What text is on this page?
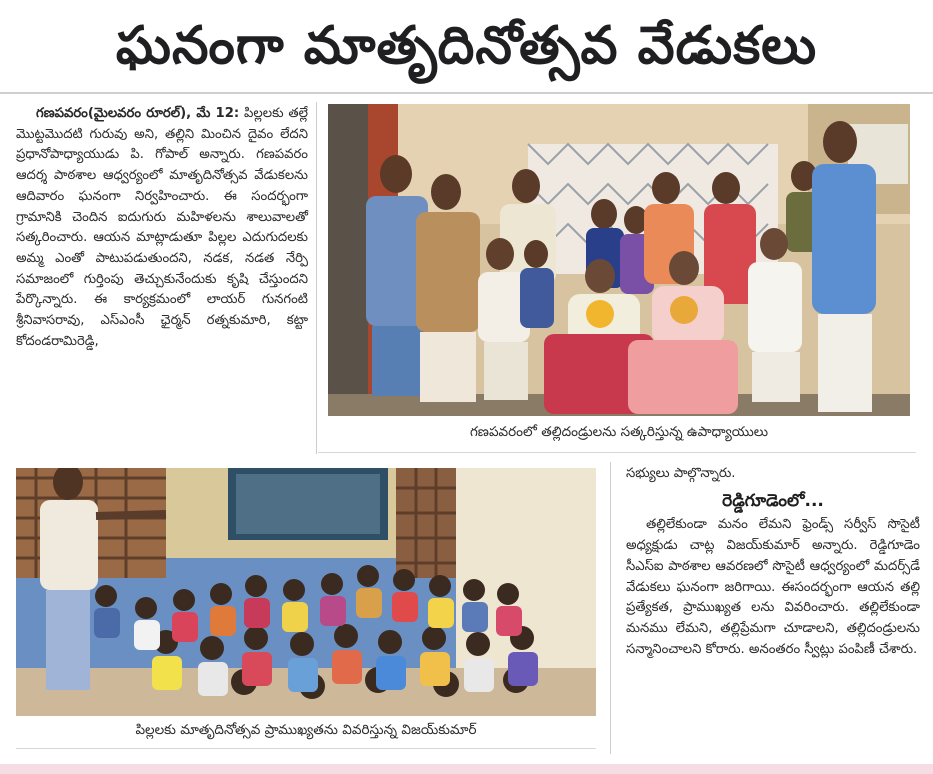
ఘనంగా మాతృదినోత్సవ వేడుకలు
గణపవరం(మైలవరం రూరల్), మే 12: పిల్లలకు తల్లే మొట్టమొదటి గురువు అని, తల్లిని మించిన దైవం లేదని ప్రధానోపాధ్యాయుడు పి. గోపాల్ అన్నారు. గణపవరం ఆదర్శ పాఠశాల ఆధ్వర్యంలో మాతృదినోత్సవ వేడుకలను ఆదివారం ఘనంగా నిర్వహించారు. ఈ సందర్భంగా గ్రామానికి చెందిన ఐదుగురు మహిళలను శాలువాలతో సత్కరించారు. ఆయన మాట్లాడుతూ పిల్లల ఎదుగుదలకు అమ్మ ఎంతో పాటుపడుతుందని, నడక, నడత నేర్పి సమాజంలో గుర్తింపు తెచ్చుకునేందుకు కృషి చేస్తుందని పేర్కొన్నారు. ఈ కార్యక్రమంలో లాయర్ గునగంటి శ్రీనివాసరావు, ఎస్ఎంసీ ఛైర్మన్ రత్నకుమారి, కట్టా కోదండరామిరెడ్డి,
గణపవరంలో తల్లిదండ్రులను సత్కరిస్తున్న ఉపాధ్యాయులు
పిల్లలకు మాతృదినోత్సవ ప్రాముఖ్యతను వివరిస్తున్న విజయ్‌కుమార్
సభ్యులు పాల్గొన్నారు.
రెడ్డిగూడెంలో...
తల్లిలేకుండా మనం లేమని ఫ్రెండ్స్ సర్వీస్ సొసైటీ అధ్యక్షుడు చాట్ల విజయ్‌కుమార్ అన్నారు. రెడ్డిగూడెం సీఎస్ఐ పాఠశాల ఆవరణలో సొసైటీ ఆధ్వర్యంలో మదర్స్‌డే వేడుకలు ఘనంగా జరిగాయి. ఈసందర్భంగా ఆయన తల్లి ప్రత్యేకత, ప్రాముఖ్యత లను వివరించారు. తల్లిలేకుండా మనము లేమని, తల్లిప్రేమగా చూడాలని, తల్లిదండ్రులను సన్మానించాలని కోరారు. అనంతరం స్వీట్లు పంపిణీ చేశారు.
